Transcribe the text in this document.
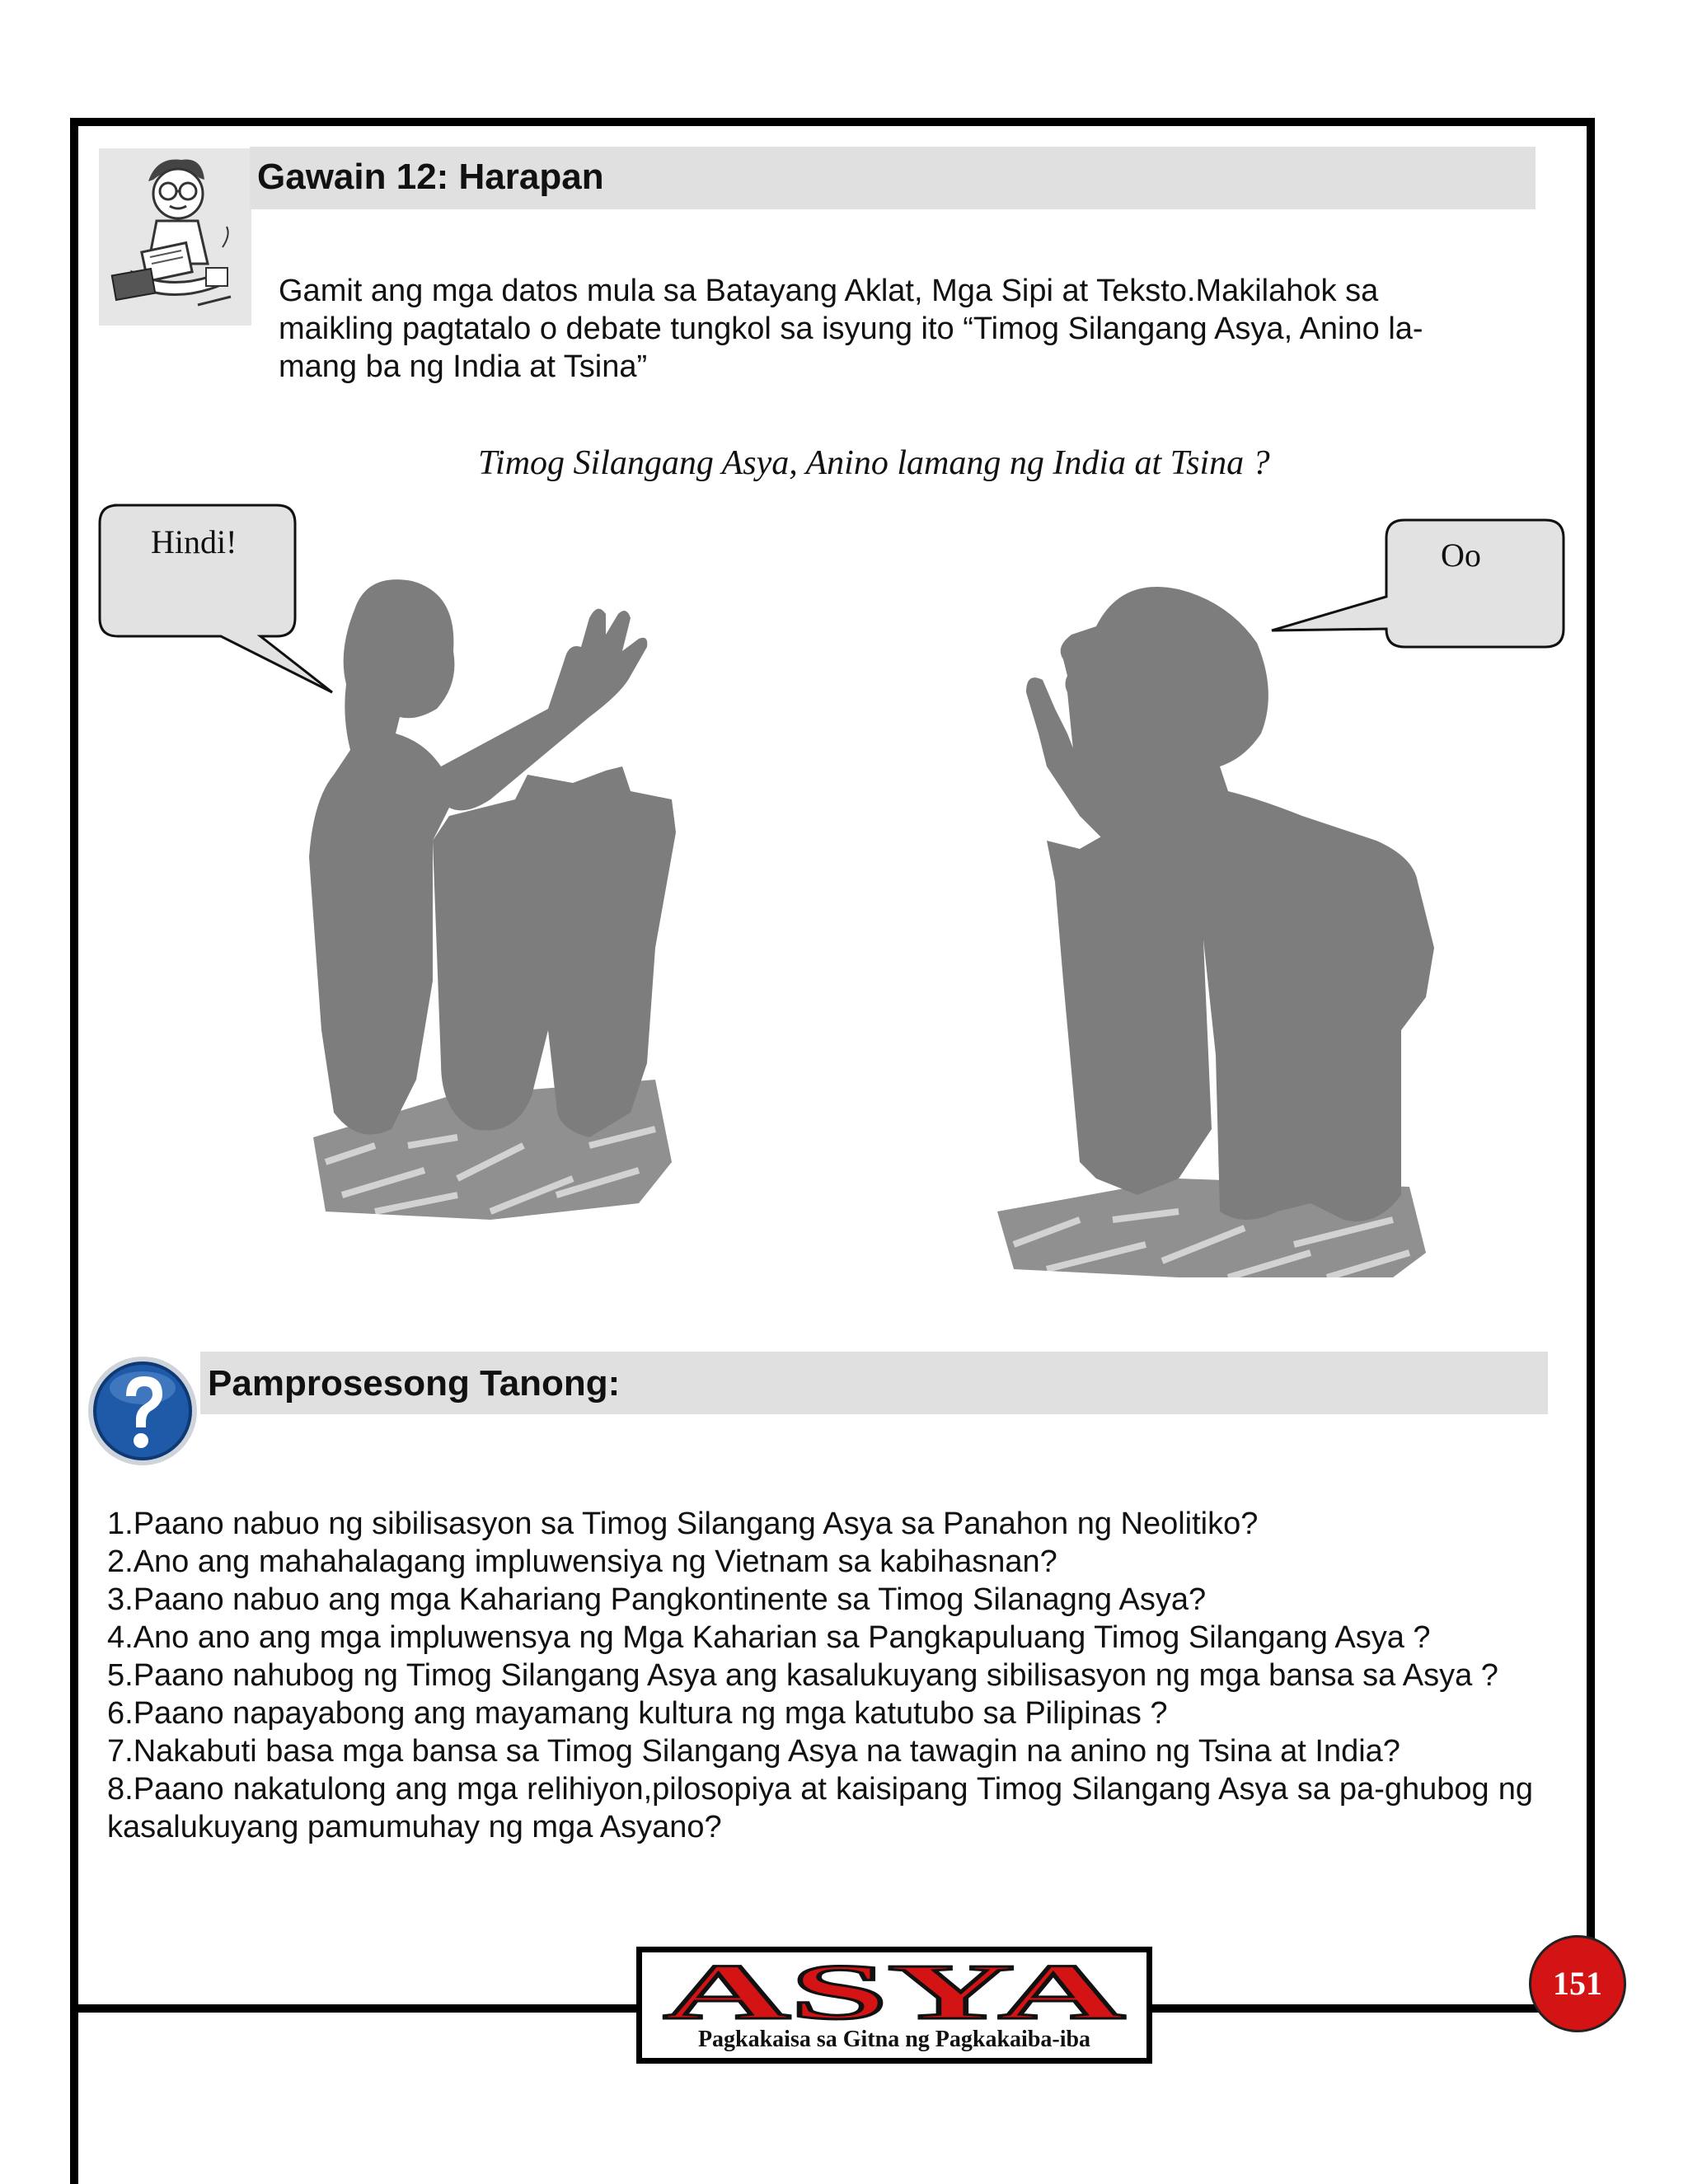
Gawain 12: Harapan
Gamit ang mga datos mula sa Batayang Aklat, Mga Sipi at Teksto.Makilahok sa
maikling pagtatalo o debate tungkol sa isyung ito “Timog Silangang Asya, Anino la-
mang ba ng India at Tsina”
Timog Silangang Asya, Anino lamang ng India at Tsina ?
Hindi!	Oo
Pamprosesong Tanong:

1.Paano nabuo ng sibilisasyon sa Timog Silangang Asya sa Panahon ng Neolitiko?

2.Ano ang mahahalagang impluwensiya ng Vietnam sa kabihasnan?

3.Paano nabuo ang mga Kahariang Pangkontinente sa Timog Silanagng Asya?

4.Ano ano ang mga impluwensya ng Mga Kaharian sa Pangkapuluang Timog Silangang Asya ?

5.Paano nahubog ng Timog Silangang Asya ang kasalukuyang sibilisasyon ng mga bansa sa Asya ?

6.Paano napayabong ang mayamang kultura ng mga katutubo sa Pilipinas ?

7.Nakabuti basa mga bansa sa Timog Silangang Asya na tawagin na anino ng Tsina at India?

8.Paano nakatulong ang mga relihiyon,pilosopiya at kaisipang Timog Silangang Asya sa pa-ghubog ng kasalukuyang pamumuhay ng mga Asyano?

ASYA
Pagkakaisa sa Gitna ng Pagkakaiba-iba
151
